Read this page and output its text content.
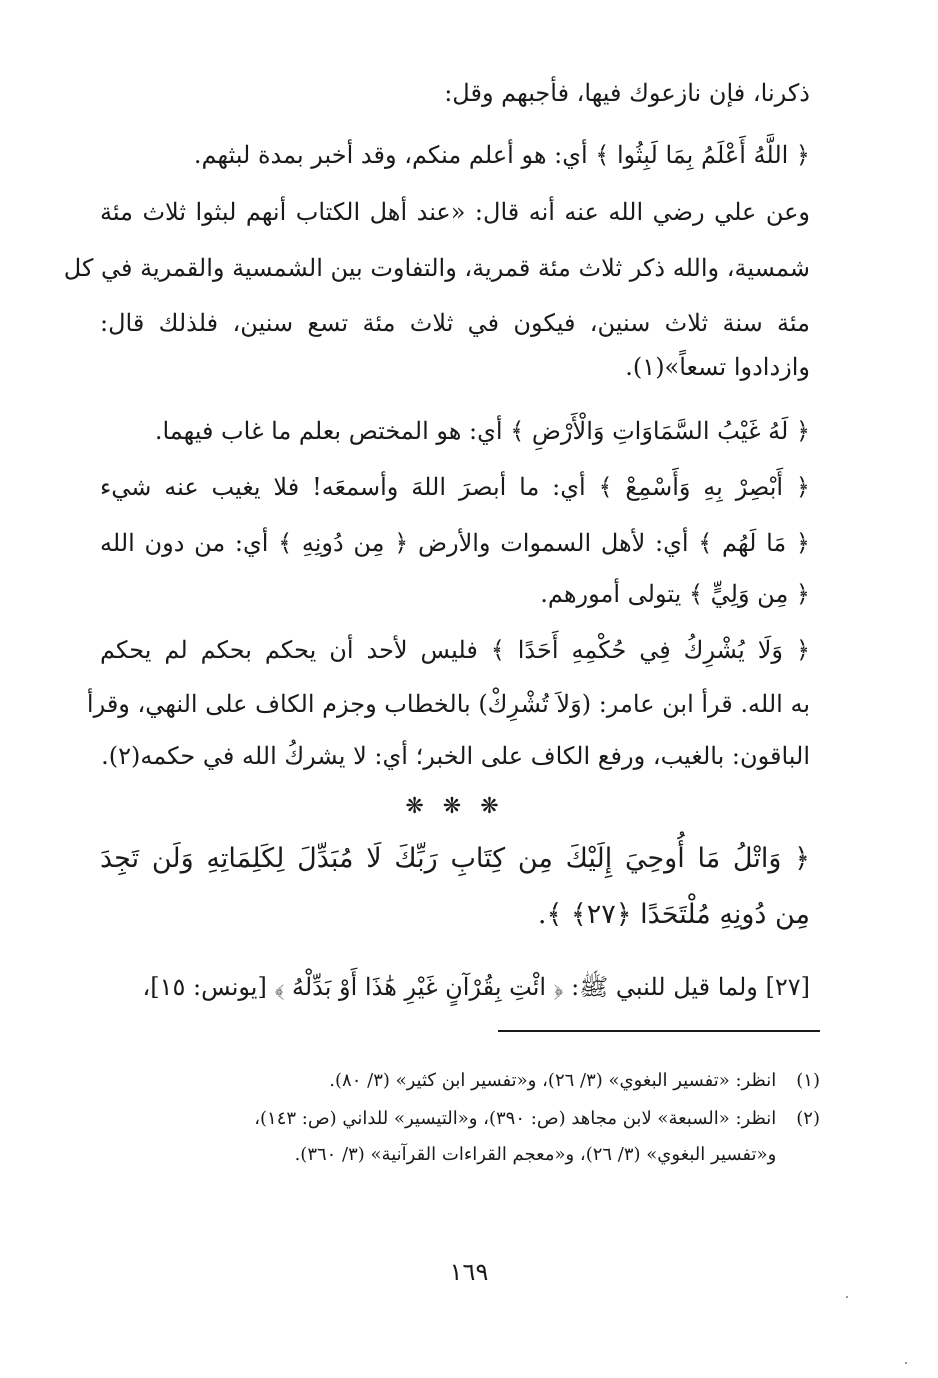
ذكرنا، فإن نازعوك فيها، فأجبهم وقل:
﴿ اللَّهُ أَعْلَمُ بِمَا لَبِثُوا ﴾ أي: هو أعلم منكم، وقد أخبر بمدة لبثهم.
وعن علي رضي الله عنه أنه قال: «عند أهل الكتاب أنهم لبثوا ثلاث مئة
شمسية، والله ذكر ثلاث مئة قمرية، والتفاوت بين الشمسية والقمرية في كل
مئة سنة ثلاث سنين، فيكون في ثلاث مئة تسع سنين، فلذلك قال:
وازدادوا تسعاً»(١).
﴿ لَهُ غَيْبُ السَّمَاوَاتِ وَالْأَرْضِ ﴾ أي: هو المختص بعلم ما غاب فيهما.
﴿ أَبْصِرْ بِهِ وَأَسْمِعْ ﴾ أي: ما أبصرَ اللهَ وأسمعَه! فلا يغيب عنه شيء
﴿ مَا لَهُم ﴾ أي: لأهل السموات والأرض ﴿ مِن دُونِهِ ﴾ أي: من دون الله
﴿ مِن وَلِيٍّ ﴾ يتولى أمورهم.
﴿ وَلَا يُشْرِكُ فِي حُكْمِهِ أَحَدًا ﴾ فليس لأحد أن يحكم بحكم لم يحكم
به الله. قرأ ابن عامر: (وَلاَ تُشْرِكْ) بالخطاب وجزم الكاف على النهي، وقرأ
الباقون: بالغيب، ورفع الكاف على الخبر؛ أي: لا يشركُ الله في حكمه(٢).
❋ ❋ ❋
﴿ وَاتْلُ مَا أُوحِيَ إِلَيْكَ مِن كِتَابِ رَبِّكَ لَا مُبَدِّلَ لِكَلِمَاتِهِ وَلَن تَجِدَ
مِن دُونِهِ مُلْتَحَدًا ﴿٢٧﴾ ﴾.
[٢٧] ولما قيل للنبي ﷺ: ﴿ ائْتِ بِقُرْآنٍ غَيْرِ هَٰذَا أَوْ بَدِّلْهُ ﴾ [يونس: ١٥]،
(١) انظر: «تفسير البغوي» (٣/ ٢٦)، و«تفسير ابن كثير» (٣/ ٨٠).
(٢) انظر: «السبعة» لابن مجاهد (ص: ٣٩٠)، و«التيسير» للداني (ص: ١٤٣)،
و«تفسير البغوي» (٣/ ٢٦)، و«معجم القراءات القرآنية» (٣/ ٣٦٠).
١٦٩
